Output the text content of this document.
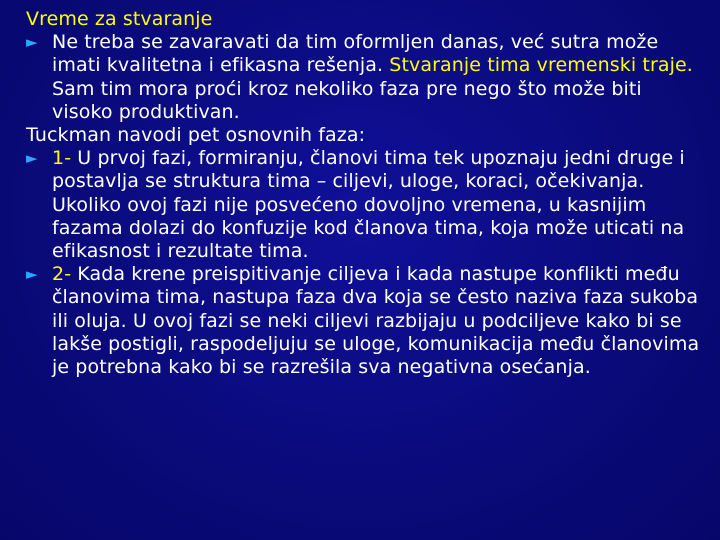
Vreme za stvaranje
► Ne treba se zavaravati da tim oformljen danas, već sutra može imati kvalitetna i efikasna rešenja. Stvaranje tima vremenski traje. Sam tim mora proći kroz nekoliko faza pre nego što može biti visoko produktivan.
Tuckman navodi pet osnovnih faza:
► 1- U prvoj fazi, formiranju, članovi tima tek upoznaju jedni druge i postavlja se struktura tima – ciljevi, uloge, koraci, očekivanja. Ukoliko ovoj fazi nije posvećeno dovoljno vremena, u kasnijim fazama dolazi do konfuzije kod članova tima, koja može uticati na efikasnost i rezultate tima.
► 2- Kada krene preispitivanje ciljeva i kada nastupe konflikti među članovima tima, nastupa faza dva koja se često naziva faza sukoba ili oluja. U ovoj fazi se neki ciljevi razbijaju u podciljeve kako bi se lakše postigli, raspodeljuju se uloge, komunikacija među članovima je potrebna kako bi se razrešila sva negativna osećanja.
